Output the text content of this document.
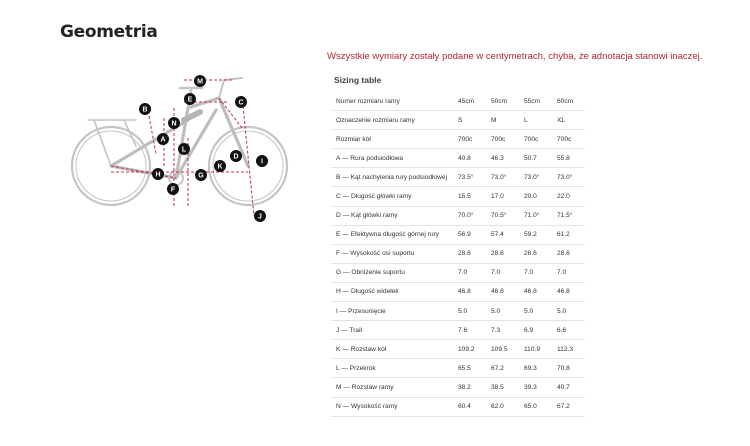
Geometria
Wszystkie wymiary zostały podane w centymetrach, chyba, że adnotacja stanowi inaczej.
Sizing table
M
E	C
B
N
A
L
D
I
K
H	G
F
J
Numer rozmiaru ramy	45cm	50cm	55cm	60cm
Oznaczenie rozmiaru ramy	S	M	L	XL
Rozmiar kół	700c	700c	700c	700c
A — Rura podsiodłowa	40.8	46.3	50.7	55.8
B — Kąt nachylenia rury podsiodłowej	73.5°	73.0°	73.0°	73.0°
C — Długość główki ramy	15.5	17.0	20.0	22.0
D — Kąt główki ramy	70.0°	70.5°	71.0°	71.5°
E — Efektywna długość górnej rury	56.9	57.4	59.2	61.2
F — Wysokość osi suportu	28.6	28.6	28.6	28.6
G — Obniżenie suportu	7.0	7.0	7.0	7.0
H — Długość widełek	46.8	46.8	46.8	46.8
I — Przesunięcie	5.0	5.0	5.0	5.0
J — Trail	7.6	7.3	6.9	6.6
K — Rozstaw kół	109.2	109.5	110.9	112.3
L — Przekrok	65.5	67.2	69.3	70.8
M — Rozstaw ramy	38.2	38.5	39.3	40.7
N — Wysokość ramy	60.4	62.0	65.0	67.2
